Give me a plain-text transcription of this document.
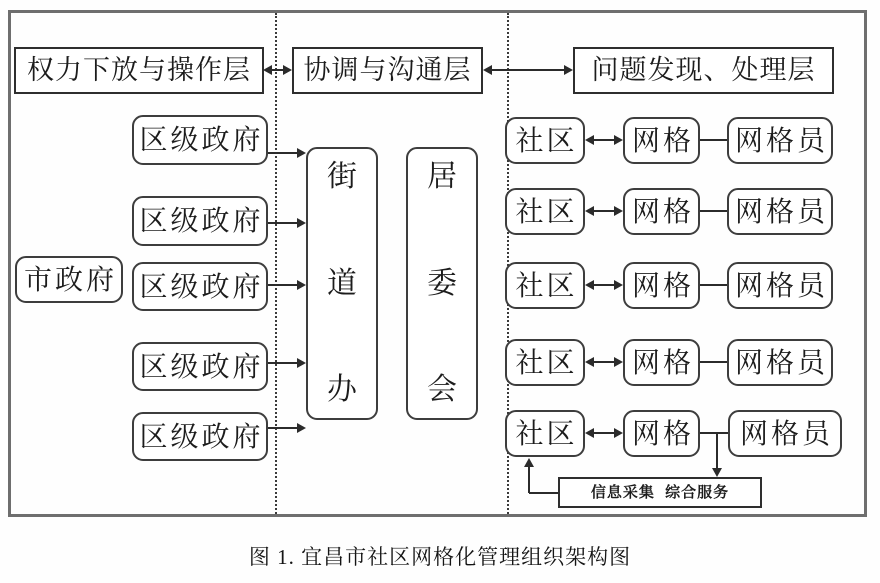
权力下放与操作层 协调与沟通层	问题发现、处理层
市政府
区级政府
区级政府
区级政府
区级政府
区级政府
街
道
办
居
委
会
社区 网格 网格员
社区 网格 网格员
社区 网格 网格员
社区 网格 网格员
社区 网格 网格员
信息采集  综合服务
图 1. 宜昌市社区网格化管理组织架构图
